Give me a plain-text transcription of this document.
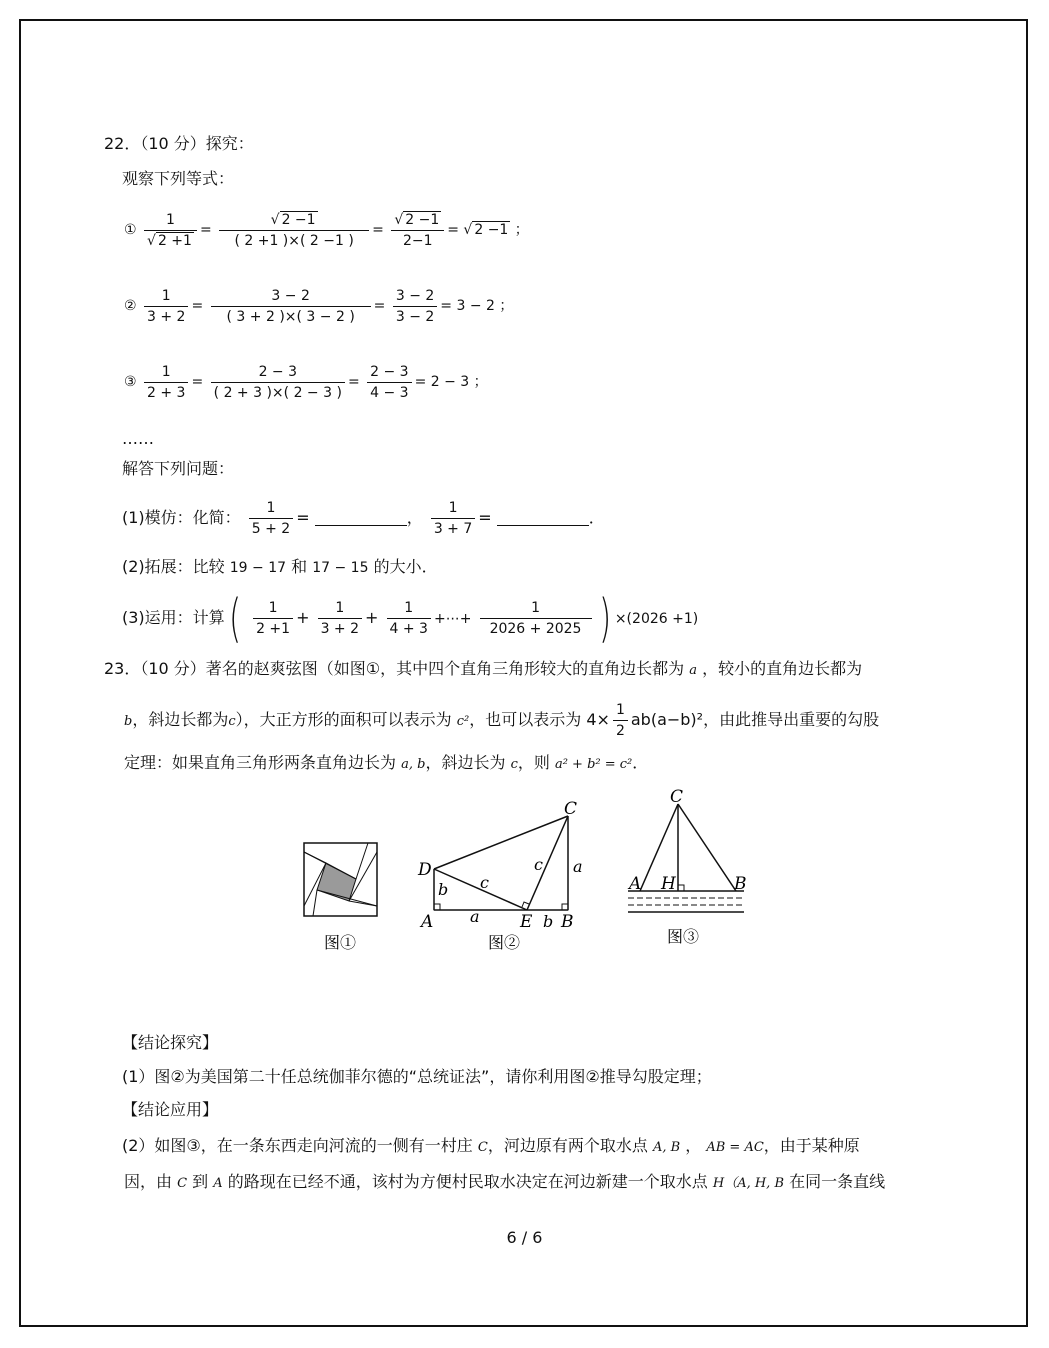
22．（10 分）探究：
观察下列等式：
① $\frac{1}{√ 2 +1} = \frac{√ 2 -1}{( 2 +1 )\times( 2 -1 )} = \frac{√ 2 -1}{2-1}$ = √ 2 −1 ；
② $\frac{1}{3 + 2} = \frac{3 - 2}{( 3 + 2 )\times( 3 - 2 )} = \frac{3 - 2}{3 - 2} = 3 - 2$ ；
③ $\frac{1}{2 + 3} = \frac{2 - 3}{( 2 + 3 )\times( 2 - 3 )} = \frac{2 - 3}{4 - 3} = 2 - 3$ ；
……
解答下列问题：
(1)模仿：化简： $\frac{1}{5 + 2}$ =	， $\frac{1}{3 + 7}$ =	．
(2)拓展：比较 19 − 17 和 17 − 15 的大小．
(3)运用：计算( $\frac{1}{2 +1} + \frac{1}{3 + 2} + \frac{1}{4 + 3}$ +⋯+ $\frac{1}{2026 + 2025}$ ) ×(2026 +1)
23．（10 分）著名的赵爽弦图（如图①，其中四个直角三角形较大的直角边长都为 a ，较小的直角边长都为
b，斜边长都为c），大正方形的面积可以表示为 c²，也可以表示为 $4\times \frac{1}{2} ab(a-b)^2$，由此推导出重要的勾股
定理：如果直角三角形两条直角边长为 a, b，斜边长为 c，则 a² + b² = c²．
图①
C
D
A	E B
a
a
b
b
c
c
图②
C
A H	B
图③
【结论探究】
(1）图②为美国第二十任总统伽菲尔德的“总统证法”，请你利用图②推导勾股定理；
【结论应用】
(2）如图③，在一条东西走向河流的一侧有一村庄 C，河边原有两个取水点 A, B ， AB = AC，由于某种原
因，由 C 到 A 的路现在已经不通，该村为方便村民取水决定在河边新建一个取水点 H（A, H, B 在同一条直线
6 / 6
